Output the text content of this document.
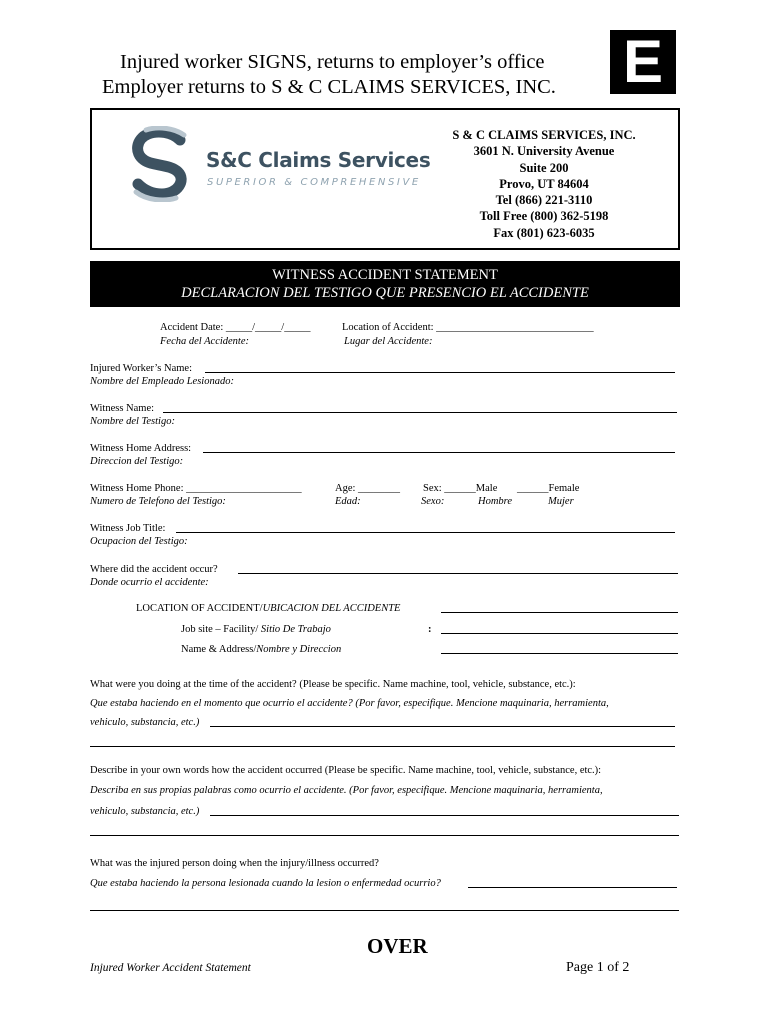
Injured worker SIGNS, returns to employer’s office
Employer returns to S & C CLAIMS SERVICES, INC. E
S&C Claims Services
SUPERIOR & COMPREHENSIVE
S & C CLAIMS SERVICES, INC.
3601 N. University Avenue
Suite 200
Provo, UT 84604
Tel (866) 221-3110
Toll Free (800) 362-5198
Fax (801) 623-6035
WITNESS ACCIDENT STATEMENT
DECLARACION DEL TESTIGO QUE PRESENCIO EL ACCIDENTE
Accident Date: _____/_____/_____
Fecha del Accidente:
Location of Accident: ______________________________
Lugar del Accidente:
Injured Worker’s Name:
Nombre del Empleado Lesionado:
Witness Name:
Nombre del Testigo:
Witness Home Address:
Direccion del Testigo:
Witness Home Phone: ______________________
Numero de Telefono del Testigo:
Age: ________
Edad:
Sex: ______Male
Sexo:	Hombre
______Female
Mujer
Witness Job Title:
Ocupacion del Testigo:
Where did the accident occur?
Donde ocurrio el accidente:
LOCATION OF ACCIDENT/UBICACION DEL ACCIDENTE
Job site – Facility/ Sitio De Trabajo	:
Name & Address/Nombre y Direccion
What were you doing at the time of the accident? (Please be specific. Name machine, tool, vehicle, substance, etc.):
Que estaba haciendo en el momento que ocurrio el accidente? (Por favor, especifique. Mencione maquinaria, herramienta,
vehiculo, substancia, etc.)
Describe in your own words how the accident occurred (Please be specific. Name machine, tool, vehicle, substance, etc.):
Describa en sus propias palabras como ocurrio el accidente. (Por favor, especifique. Mencione maquinaria, herramienta,
vehiculo, substancia, etc.)
What was the injured person doing when the injury/illness occurred?
Que estaba haciendo la persona lesionada cuando la lesion o enfermedad ocurrio?
OVER
Injured Worker Accident Statement	Page 1 of 2
